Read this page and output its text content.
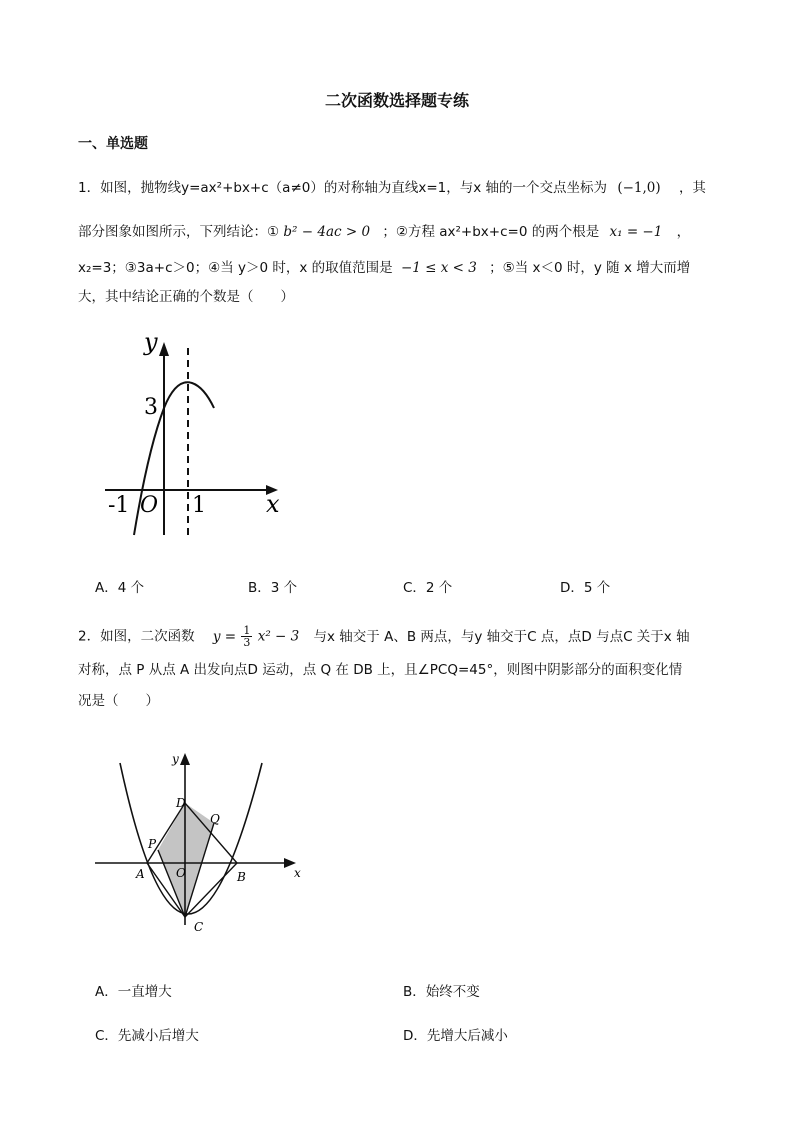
二次函数选择题专练
一、单选题
1．如图，抛物线y=ax²+bx+c（a≠0）的对称轴为直线x=1，与x 轴的一个交点坐标为 (−1,0) ，其
部分图象如图所示，下列结论：① b² − 4ac > 0 ；②方程 ax²+bx+c=0 的两个根是 x₁ = −1 ，
x₂=3；③3a+c＞0；④当 y＞0 时，x 的取值范围是 −1 ≤ x < 3 ；⑤当 x＜0 时，y 随 x 增大而增
大，其中结论正确的个数是（　　）
y
x
3
-1 O 1
A．4 个	B．3 个	C．2 个	D．5 个
2．如图，二次函数 $y = \frac{1}{3} x^2 - 3$ 与x 轴交于 A、B 两点，与y 轴交于C 点，点D 与点C 关于x 轴
对称，点 P 从点 A 出发向点D 运动，点 Q 在 DB 上，且∠PCQ=45°，则图中阴影部分的面积变化情
况是（　　）
y
x
D
Q
P
A	O	B
C
A．一直增大	B．始终不变
C．先减小后增大	D．先增大后减小
